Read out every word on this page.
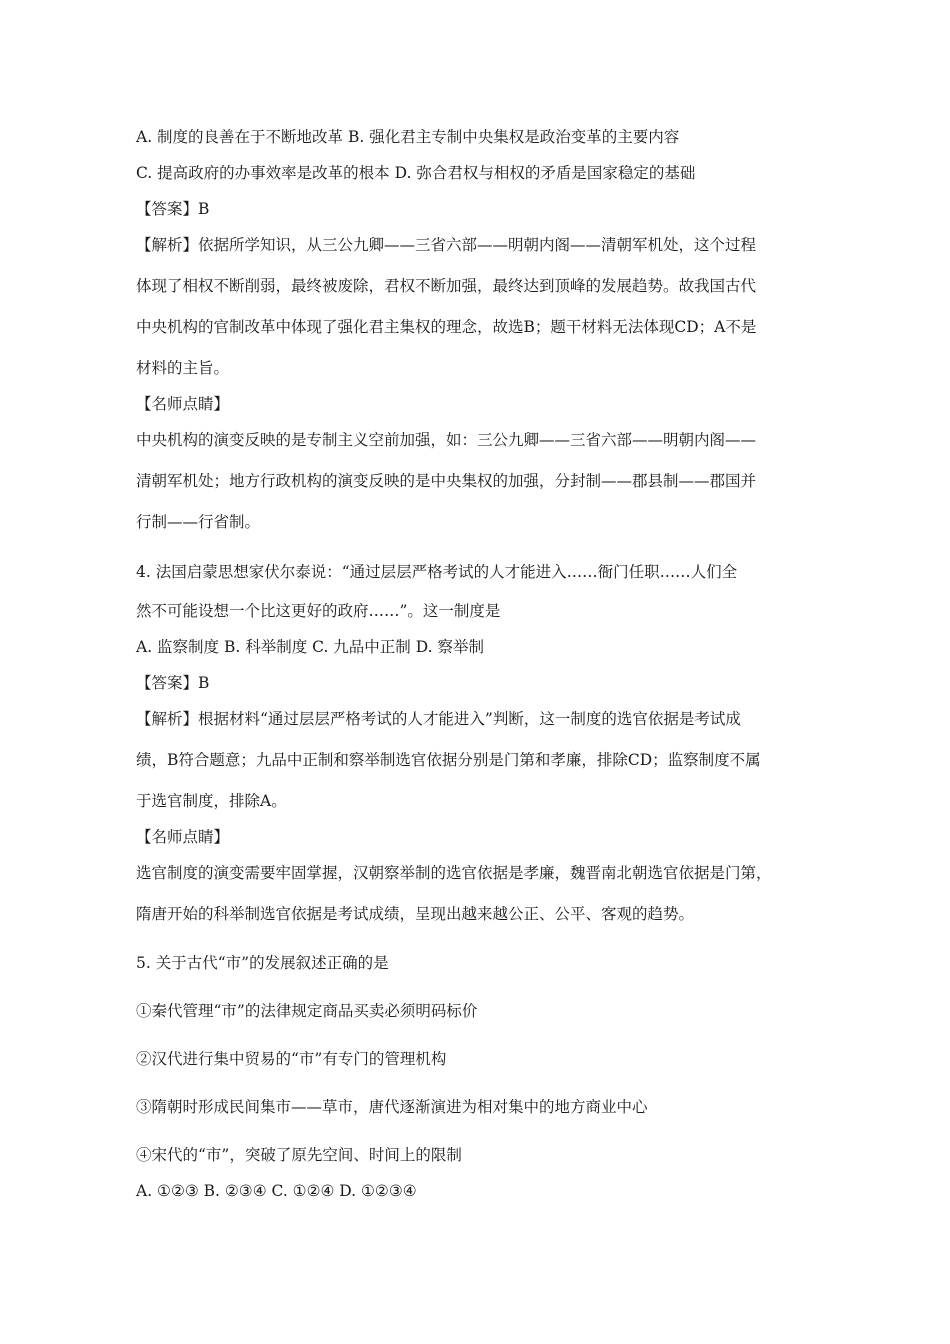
A. 制度的良善在于不断地改革 B. 强化君主专制中央集权是政治变革的主要内容
C. 提高政府的办事效率是改革的根本 D. 弥合君权与相权的矛盾是国家稳定的基础
【答案】B
【解析】依据所学知识，从三公九卿——三省六部——明朝内阁——清朝军机处，这个过程
体现了相权不断削弱，最终被废除，君权不断加强，最终达到顶峰的发展趋势。故我国古代
中央机构的官制改革中体现了强化君主集权的理念，故选B；题干材料无法体现CD；A不是
材料的主旨。
【名师点睛】
中央机构的演变反映的是专制主义空前加强，如：三公九卿——三省六部——明朝内阁——
清朝军机处；地方行政机构的演变反映的是中央集权的加强，分封制——郡县制——郡国并
行制——行省制。
4. 法国启蒙思想家伏尔泰说：“通过层层严格考试的人才能进入……衙门任职……人们全
然不可能设想一个比这更好的政府……”。这一制度是
A. 监察制度 B. 科举制度 C. 九品中正制 D. 察举制
【答案】B
【解析】根据材料“通过层层严格考试的人才能进入”判断，这一制度的选官依据是考试成
绩，B符合题意；九品中正制和察举制选官依据分别是门第和孝廉，排除CD；监察制度不属
于选官制度，排除A。
【名师点睛】
选官制度的演变需要牢固掌握，汉朝察举制的选官依据是孝廉，魏晋南北朝选官依据是门第，
隋唐开始的科举制选官依据是考试成绩，呈现出越来越公正、公平、客观的趋势。
5. 关于古代“市”的发展叙述正确的是
①秦代管理“市”的法律规定商品买卖必须明码标价
②汉代进行集中贸易的“市”有专门的管理机构
③隋朝时形成民间集市——草市，唐代逐渐演进为相对集中的地方商业中心
④宋代的“市”，突破了原先空间、时间上的限制
A. ①②③ B. ②③④ C. ①②④ D. ①②③④
